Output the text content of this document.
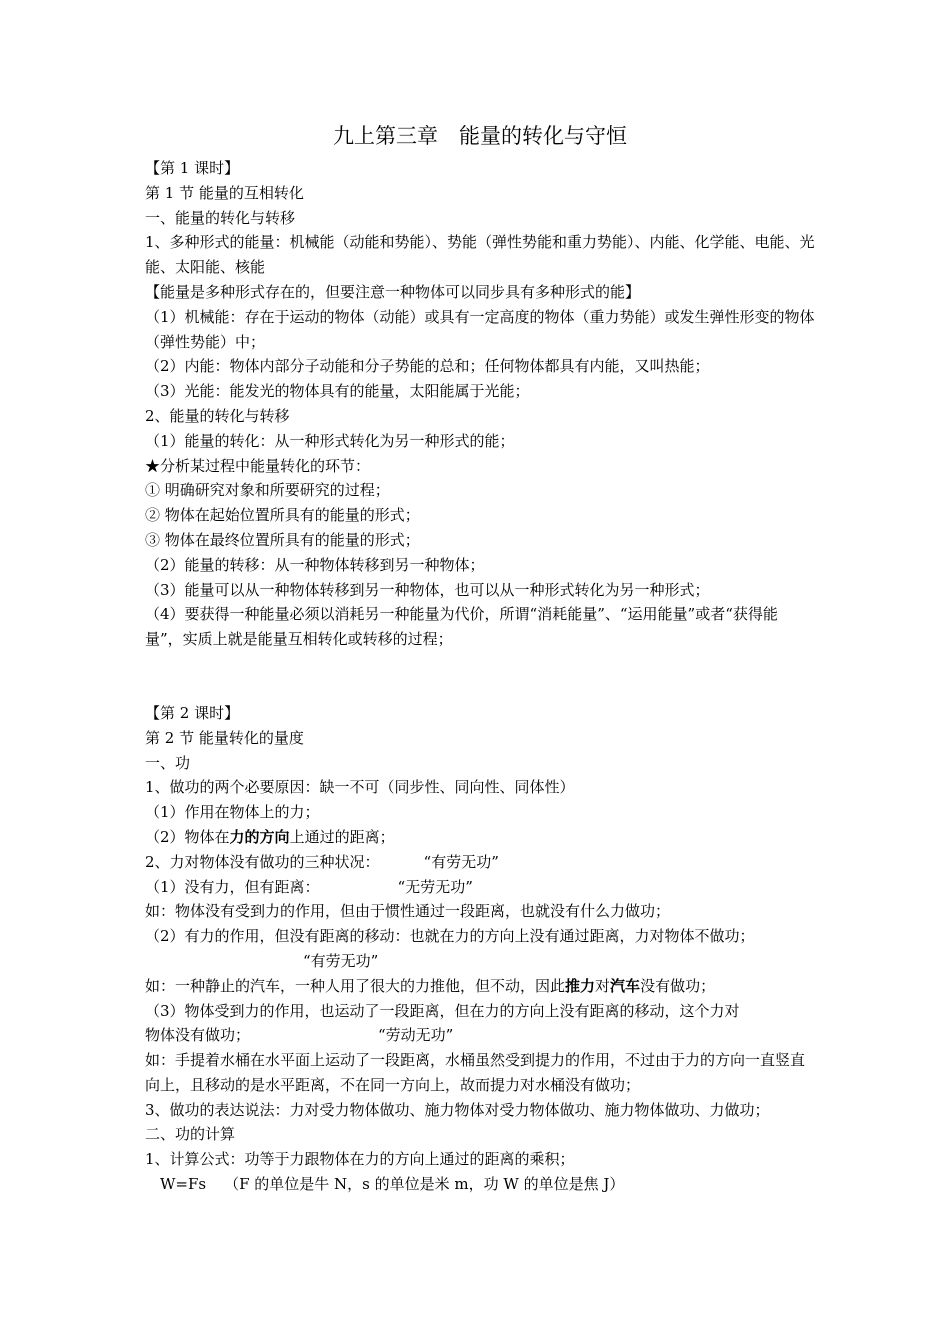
九上第三章　能量的转化与守恒

【第 1 课时】

第 1 节 能量的互相转化

一、能量的转化与转移

1、多种形式的能量：机械能（动能和势能）、势能（弹性势能和重力势能）、内能、化学能、电能、光能、太阳能、核能

【能量是多种形式存在的，但要注意一种物体可以同步具有多种形式的能】

（1）机械能：存在于运动的物体（动能）或具有一定高度的物体（重力势能）或发生弹性形变的物体（弹性势能）中；

（2）内能：物体内部分子动能和分子势能的总和；任何物体都具有内能，又叫热能；

（3）光能：能发光的物体具有的能量，太阳能属于光能；

2、能量的转化与转移

（1）能量的转化：从一种形式转化为另一种形式的能；

★分析某过程中能量转化的环节：

① 明确研究对象和所要研究的过程；

② 物体在起始位置所具有的能量的形式；

③ 物体在最终位置所具有的能量的形式；

（2）能量的转移：从一种物体转移到另一种物体；

（3）能量可以从一种物体转移到另一种物体，也可以从一种形式转化为另一种形式；

（4）要获得一种能量必须以消耗另一种能量为代价，所谓“消耗能量”、“运用能量”或者“获得能量”，实质上就是能量互相转化或转移的过程；

【第 2 课时】

第 2 节 能量转化的量度

一、功

1、做功的两个必要原因：缺一不可（同步性、同向性、同体性）

（1）作用在物体上的力；

（2）物体在力的方向上通过的距离；

2、力对物体没有做功的三种状况：	“有劳无功”

（1）没有力，但有距离：	“无劳无功”

如：物体没有受到力的作用，但由于惯性通过一段距离，也就没有什么力做功；

（2）有力的作用，但没有距离的移动：也就在力的方向上没有通过距离，力对物体不做功；

“有劳无功”

如：一种静止的汽车，一种人用了很大的力推他，但不动，因此推力对汽车没有做功；

（3）物体受到力的作用，也运动了一段距离，但在力的方向上没有距离的移动，这个力对

物体没有做功；	“劳动无功”

如：手提着水桶在水平面上运动了一段距离，水桶虽然受到提力的作用，不过由于力的方向一直竖直向上，且移动的是水平距离，不在同一方向上，故而提力对水桶没有做功；

3、做功的表达说法：力对受力物体做功、施力物体对受力物体做功、施力物体做功、力做功；

二、功的计算

1、计算公式：功等于力跟物体在力的方向上通过的距离的乘积；

W=Fs （F 的单位是牛 N，s 的单位是米 m，功 W 的单位是焦 J）
